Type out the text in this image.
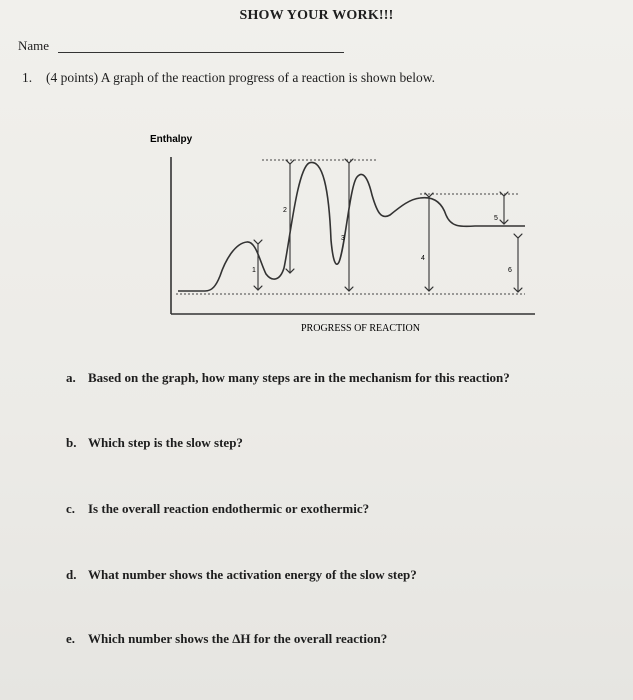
SHOW YOUR WORK!!!
Name
1. (4 points) A graph of the reaction progress of a reaction is shown below.
Enthalpy
1
2
3
4
5
6
PROGRESS OF REACTION
a. Based on the graph, how many steps are in the mechanism for this reaction?
b. Which step is the slow step?
c. Is the overall reaction endothermic or exothermic?
d. What number shows the activation energy of the slow step?
e. Which number shows the ΔH for the overall reaction?
